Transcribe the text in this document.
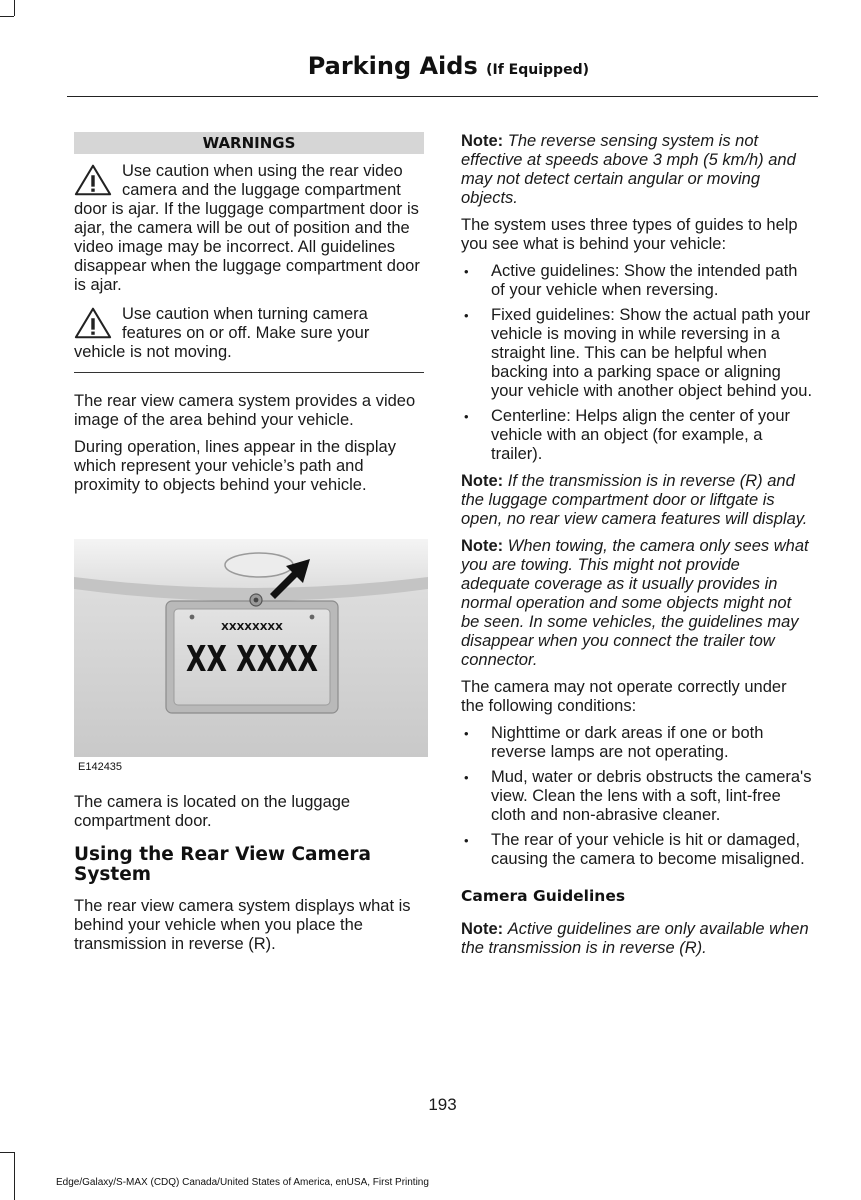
Parking Aids (If Equipped)
WARNINGS
Use caution when using the rear video camera and the luggage compartment door is ajar. If the luggage compartment door is ajar, the camera will be out of position and the video image may be incorrect. All guidelines disappear when the luggage compartment door is ajar.
Use caution when turning camera features on or off. Make sure your vehicle is not moving.

The rear view camera system provides a video image of the area behind your vehicle.

During operation, lines appear in the display which represent your vehicle’s path and proximity to objects behind your vehicle.

XXXXXXXX
XX XXXX
E142435

The camera is located on the luggage compartment door.

Using the Rear View Camera System

The rear view camera system displays what is behind your vehicle when you place the transmission in reverse (R).

Note: The reverse sensing system is not effective at speeds above 3 mph (5 km/h) and may not detect certain angular or moving objects.

The system uses three types of guides to help you see what is behind your vehicle:

• Active guidelines: Show the intended path of your vehicle when reversing.
• Fixed guidelines: Show the actual path your vehicle is moving in while reversing in a straight line. This can be helpful when backing into a parking space or aligning your vehicle with another object behind you.
• Centerline: Helps align the center of your vehicle with an object (for example, a trailer).

Note: If the transmission is in reverse (R) and the luggage compartment door or liftgate is open, no rear view camera features will display.

Note: When towing, the camera only sees what you are towing. This might not provide adequate coverage as it usually provides in normal operation and some objects might not be seen. In some vehicles, the guidelines may disappear when you connect the trailer tow connector.

The camera may not operate correctly under the following conditions:

• Nighttime or dark areas if one or both reverse lamps are not operating.
• Mud, water or debris obstructs the camera's view. Clean the lens with a soft, lint-free cloth and non-abrasive cleaner.
• The rear of your vehicle is hit or damaged, causing the camera to become misaligned.
Camera Guidelines

Note: Active guidelines are only available when the transmission is in reverse (R).

193
Edge/Galaxy/S-MAX (CDQ) Canada/United States of America, enUSA, First Printing
